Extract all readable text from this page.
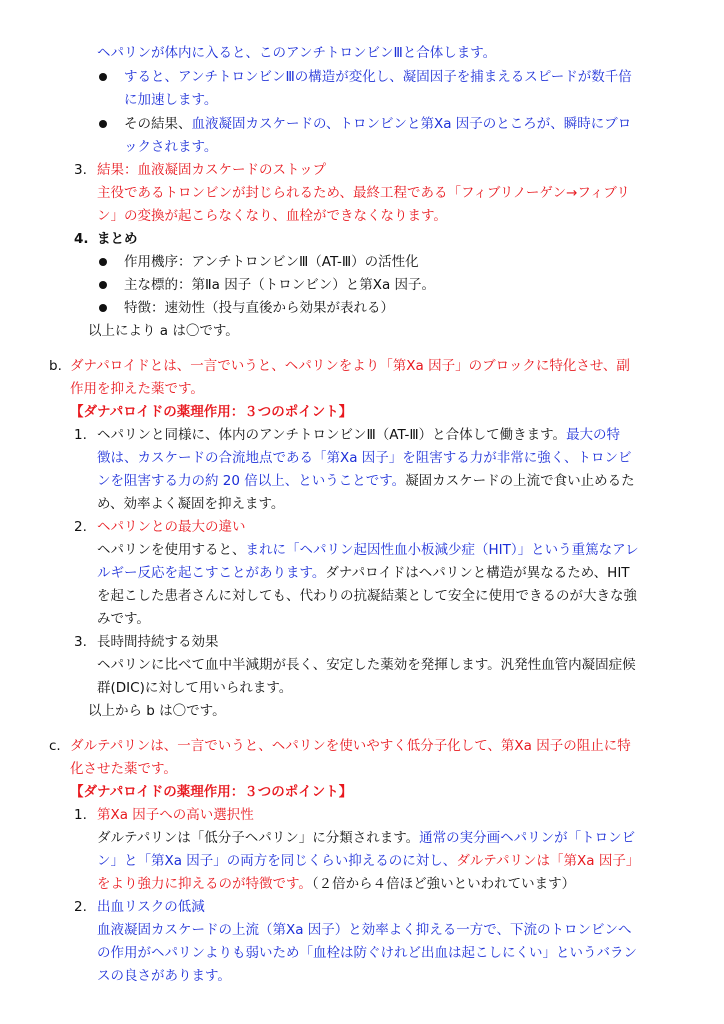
ヘパリンが体内に入ると、このアンチトロンビンⅢと合体します。
すると、アンチトロンビンⅢの構造が変化し、凝固因子を捕まえるスピードが数千倍
に加速します。
その結果、血液凝固カスケードの、トロンビンと第Ⅹa 因子のところが、瞬時にブロ
ックされます。
3. 結果：血液凝固カスケードのストップ
主役であるトロンビンが封じられるため、最終工程である「フィブリノーゲン→フィブリ
ン」の変換が起こらなくなり、血栓ができなくなります。
4. まとめ
作用機序：アンチトロンビンⅢ（AT-Ⅲ）の活性化
主な標的：第Ⅱa 因子（トロンビン）と第Ⅹa 因子。
特徴：速効性（投与直後から効果が表れる）
以上により a は〇です。
b. ダナパロイドとは、一言でいうと、ヘパリンをより「第Ⅹa 因子」のブロックに特化させ、副
作用を抑えた薬です。
【ダナパロイドの薬理作用：３つのポイント】
1. ヘパリンと同様に、体内のアンチトロンビンⅢ（AT-Ⅲ）と合体して働きます。最大の特
徴は、カスケードの合流地点である「第Ⅹa 因子」を阻害する力が非常に強く、トロンビ
ンを阻害する力の約 20 倍以上、ということです。凝固カスケードの上流で食い止めるた
め、効率よく凝固を抑えます。
2. ヘパリンとの最大の違い
ヘパリンを使用すると、まれに「ヘパリン起因性血小板減少症（HIT）」という重篤なアレ
ルギー反応を起こすことがあります。ダナパロイドはヘパリンと構造が異なるため、HIT
を起こした患者さんに対しても、代わりの抗凝結薬として安全に使用できるのが大きな強
みです。
3. 長時間持続する効果
ヘパリンに比べて血中半減期が長く、安定した薬効を発揮します。汎発性血管内凝固症候
群(DIC)に対して用いられます。
以上から b は〇です。
c. ダルテパリンは、一言でいうと、ヘパリンを使いやすく低分子化して、第Ⅹa 因子の阻止に特
化させた薬です。
【ダナパロイドの薬理作用：３つのポイント】
1. 第Ⅹa 因子への高い選択性
ダルテパリンは「低分子ヘパリン」に分類されます。通常の実分画ヘパリンが「トロンビ
ン」と「第Ⅹa 因子」の両方を同じくらい抑えるのに対し、ダルテパリンは「第Ⅹa 因子」
をより強力に抑えるのが特徴です。（２倍から４倍ほど強いといわれています）
2. 出血リスクの低減
血液凝固カスケードの上流（第Ⅹa 因子）と効率よく抑える一方で、下流のトロンビンへ
の作用がヘパリンよりも弱いため「血栓は防ぐけれど出血は起こしにくい」というバラン
スの良さがあります。
